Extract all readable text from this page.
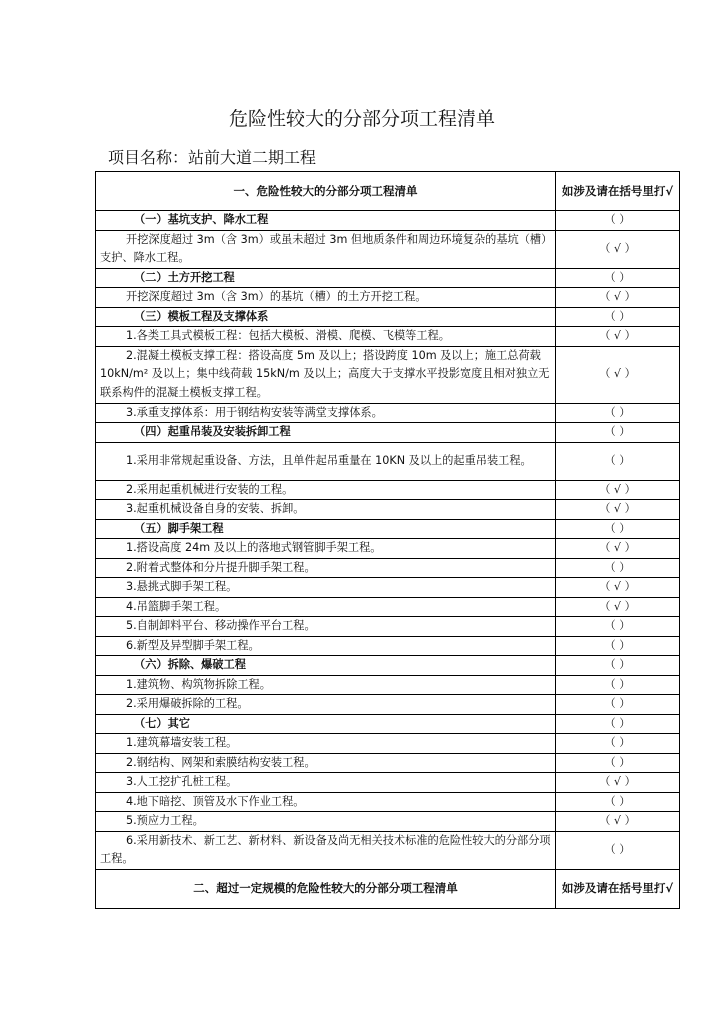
危险性较大的分部分项工程清单
项目名称：站前大道二期工程
一、危险性较大的分部分项工程清单	如涉及请在括号里打√
（一）基坑支护、降水工程	（ ）
开挖深度超过 3m（含 3m）或虽未超过 3m 但地质条件和周边环境复杂的基坑（槽）支护、降水工程。	（ √ ）
（二）土方开挖工程	（ ）
开挖深度超过 3m（含 3m）的基坑（槽）的土方开挖工程。	（ √ ）
（三）模板工程及支撑体系	（ ）
1.各类工具式模板工程：包括大模板、滑模、爬模、飞模等工程。	（ √ ）
2.混凝土模板支撑工程：搭设高度 5m 及以上；搭设跨度 10m 及以上；施工总荷载 10kN/m² 及以上；集中线荷载 15kN/m 及以上；高度大于支撑水平投影宽度且相对独立无联系构件的混凝土模板支撑工程。	（ √ ）
3.承重支撑体系：用于钢结构安装等满堂支撑体系。	（ ）
（四）起重吊装及安装拆卸工程	（ ）
1.采用非常规起重设备、方法，且单件起吊重量在 10KN 及以上的起重吊装工程。	（ ）
2.采用起重机械进行安装的工程。	（ √ ）
3.起重机械设备自身的安装、拆卸。	（ √ ）
（五）脚手架工程	（ ）
1.搭设高度 24m 及以上的落地式钢管脚手架工程。	（ √ ）
2.附着式整体和分片提升脚手架工程。	（ ）
3.悬挑式脚手架工程。	（ √ ）
4.吊篮脚手架工程。	（ √ ）
5.自制卸料平台、移动操作平台工程。	（ ）
6.新型及异型脚手架工程。	（ ）
（六）拆除、爆破工程	（ ）
1.建筑物、构筑物拆除工程。	（ ）
2.采用爆破拆除的工程。	（ ）
（七）其它	（ ）
1.建筑幕墙安装工程。	（ ）
2.钢结构、网架和索膜结构安装工程。	（ ）
3.人工挖扩孔桩工程。	（ √ ）
4.地下暗挖、顶管及水下作业工程。	（ ）
5.预应力工程。	（ √ ）
6.采用新技术、新工艺、新材料、新设备及尚无相关技术标准的危险性较大的分部分项工程。	（ ）
二、超过一定规模的危险性较大的分部分项工程清单	如涉及请在括号里打√
